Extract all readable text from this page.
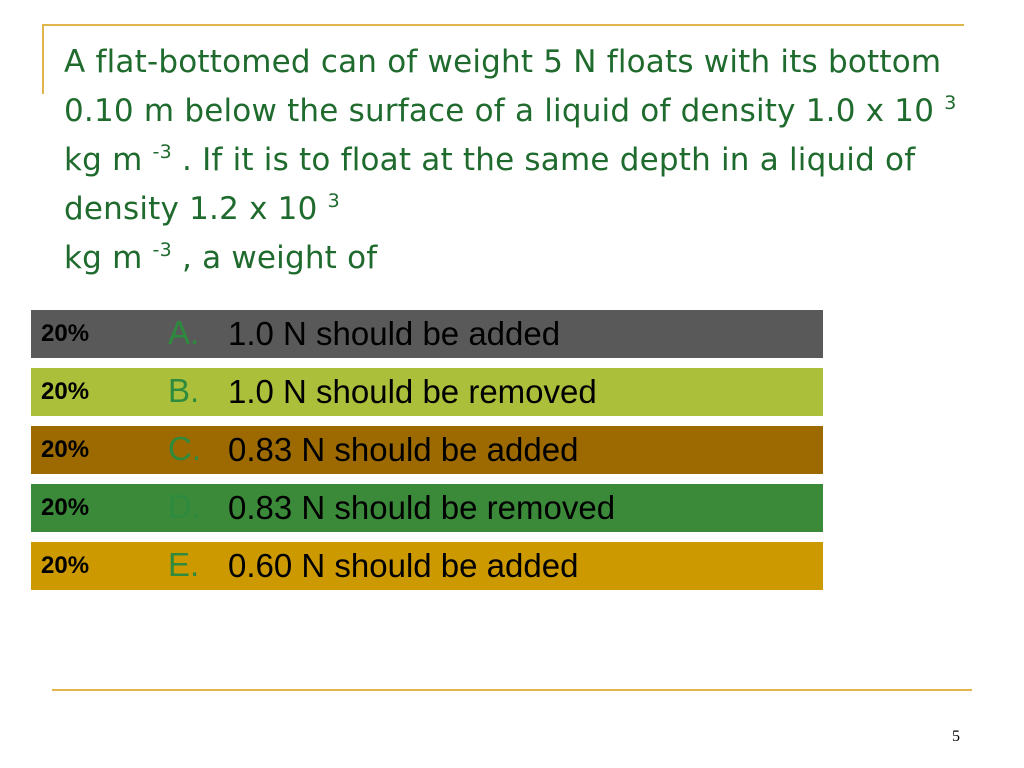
A flat-bottomed can of weight 5 N floats with its bottom 0.10 m below the surface of a liquid of density 1.0 x 10 $^3$ kg m $^{-3}$ . If it is to float at the same depth in a liquid of density 1.2 x 10 $^3$
kg m $^{-3}$ , a weight of

20% A. 1.0 N should be added
20% B. 1.0 N should be removed
20% C. 0.83 N should be added
20% D. 0.83 N should be removed
20% E. 0.60 N should be added
5
